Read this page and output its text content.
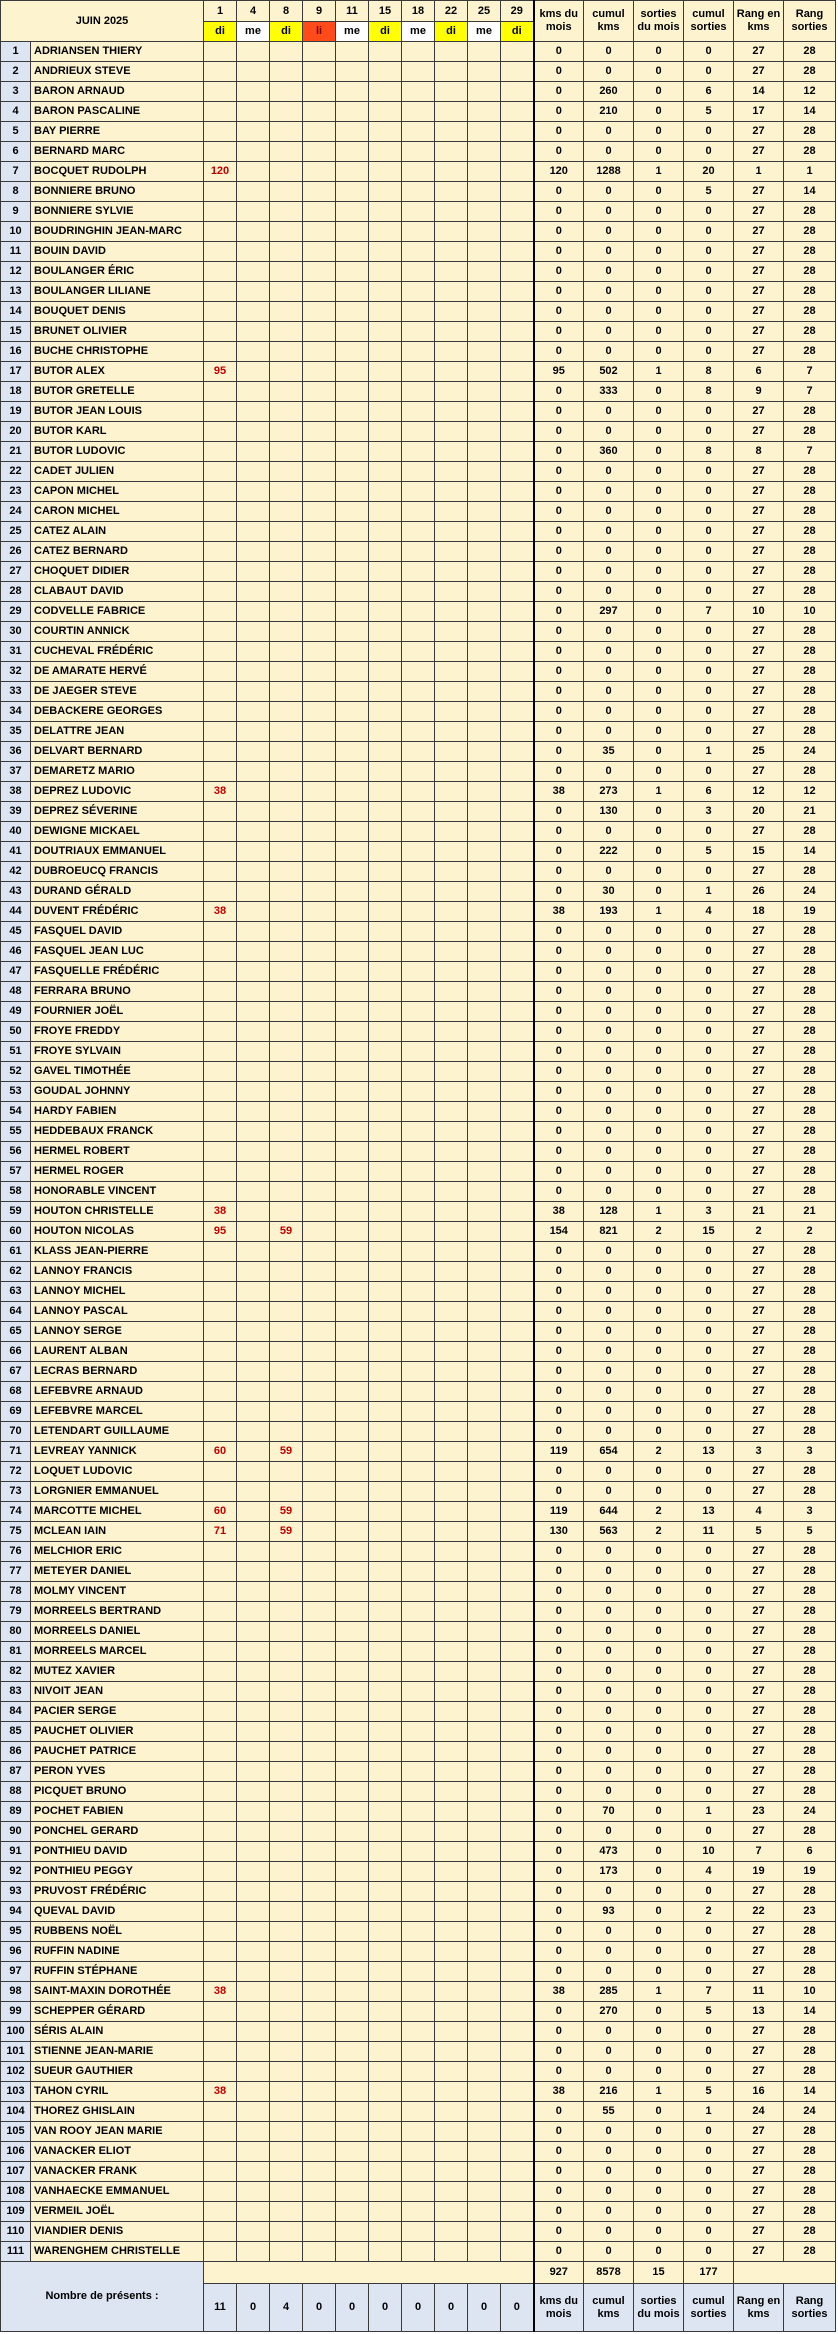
JUIN 2025		1	4	8	9	11	15	18	22	25	29	kms du mois	cumul kms	sorties du mois	cumul sorties	Rang en kms	Rang sorties
		di	me	di	li	me	di	me	di	me	di						
1	ADRIANSEN THIERY											0	0	0	0	27	28
2	ANDRIEUX STEVE											0	0	0	0	27	28
3	BARON ARNAUD											0	260	0	6	14	12
4	BARON PASCALINE											0	210	0	5	17	14
5	BAY PIERRE											0	0	0	0	27	28
6	BERNARD MARC											0	0	0	0	27	28
7	BOCQUET RUDOLPH	120										120	1288	1	20	1	1
8	BONNIERE BRUNO											0	0	0	5	27	14
9	BONNIERE SYLVIE											0	0	0	0	27	28
10	BOUDRINGHIN JEAN-MARC											0	0	0	0	27	28
11	BOUIN DAVID											0	0	0	0	27	28
12	BOULANGER ÉRIC											0	0	0	0	27	28
13	BOULANGER LILIANE											0	0	0	0	27	28
14	BOUQUET DENIS											0	0	0	0	27	28
15	BRUNET OLIVIER											0	0	0	0	27	28
16	BUCHE CHRISTOPHE											0	0	0	0	27	28
17	BUTOR ALEX	95										95	502	1	8	6	7
18	BUTOR GRETELLE											0	333	0	8	9	7
19	BUTOR JEAN LOUIS											0	0	0	0	27	28
20	BUTOR KARL											0	0	0	0	27	28
21	BUTOR LUDOVIC											0	360	0	8	8	7
22	CADET JULIEN											0	0	0	0	27	28
23	CAPON MICHEL											0	0	0	0	27	28
24	CARON MICHEL											0	0	0	0	27	28
25	CATEZ ALAIN											0	0	0	0	27	28
26	CATEZ BERNARD											0	0	0	0	27	28
27	CHOQUET DIDIER											0	0	0	0	27	28
28	CLABAUT DAVID											0	0	0	0	27	28
29	CODVELLE FABRICE											0	297	0	7	10	10
30	COURTIN ANNICK											0	0	0	0	27	28
31	CUCHEVAL FRÉDÉRIC											0	0	0	0	27	28
32	DE AMARATE HERVÉ											0	0	0	0	27	28
33	DE JAEGER STEVE											0	0	0	0	27	28
34	DEBACKERE GEORGES											0	0	0	0	27	28
35	DELATTRE JEAN											0	0	0	0	27	28
36	DELVART BERNARD											0	35	0	1	25	24
37	DEMARETZ MARIO											0	0	0	0	27	28
38	DEPREZ LUDOVIC	38										38	273	1	6	12	12
39	DEPREZ SÉVERINE											0	130	0	3	20	21
40	DEWIGNE MICKAEL											0	0	0	0	27	28
41	DOUTRIAUX EMMANUEL											0	222	0	5	15	14
42	DUBROEUCQ FRANCIS											0	0	0	0	27	28
43	DURAND GÉRALD											0	30	0	1	26	24
44	DUVENT FRÉDÉRIC	38										38	193	1	4	18	19
45	FASQUEL DAVID											0	0	0	0	27	28
46	FASQUEL JEAN LUC											0	0	0	0	27	28
47	FASQUELLE FRÉDÉRIC											0	0	0	0	27	28
48	FERRARA BRUNO											0	0	0	0	27	28
49	FOURNIER JOËL											0	0	0	0	27	28
50	FROYE FREDDY											0	0	0	0	27	28
51	FROYE SYLVAIN											0	0	0	0	27	28
52	GAVEL TIMOTHÉE											0	0	0	0	27	28
53	GOUDAL JOHNNY											0	0	0	0	27	28
54	HARDY FABIEN											0	0	0	0	27	28
55	HEDDEBAUX FRANCK											0	0	0	0	27	28
56	HERMEL ROBERT											0	0	0	0	27	28
57	HERMEL ROGER											0	0	0	0	27	28
58	HONORABLE VINCENT											0	0	0	0	27	28
59	HOUTON CHRISTELLE	38										38	128	1	3	21	21
60	HOUTON NICOLAS	95		59								154	821	2	15	2	2
61	KLASS JEAN-PIERRE											0	0	0	0	27	28
62	LANNOY FRANCIS											0	0	0	0	27	28
63	LANNOY MICHEL											0	0	0	0	27	28
64	LANNOY PASCAL											0	0	0	0	27	28
65	LANNOY SERGE											0	0	0	0	27	28
66	LAURENT ALBAN											0	0	0	0	27	28
67	LECRAS BERNARD											0	0	0	0	27	28
68	LEFEBVRE ARNAUD											0	0	0	0	27	28
69	LEFEBVRE MARCEL											0	0	0	0	27	28
70	LETENDART GUILLAUME											0	0	0	0	27	28
71	LEVREAY YANNICK	60		59								119	654	2	13	3	3
72	LOQUET LUDOVIC											0	0	0	0	27	28
73	LORGNIER EMMANUEL											0	0	0	0	27	28
74	MARCOTTE MICHEL	60		59								119	644	2	13	4	3
75	MCLEAN IAIN	71		59								130	563	2	11	5	5
76	MELCHIOR ERIC											0	0	0	0	27	28
77	METEYER DANIEL											0	0	0	0	27	28
78	MOLMY VINCENT											0	0	0	0	27	28
79	MORREELS BERTRAND											0	0	0	0	27	28
80	MORREELS DANIEL											0	0	0	0	27	28
81	MORREELS MARCEL											0	0	0	0	27	28
82	MUTEZ XAVIER											0	0	0	0	27	28
83	NIVOIT JEAN											0	0	0	0	27	28
84	PACIER SERGE											0	0	0	0	27	28
85	PAUCHET OLIVIER											0	0	0	0	27	28
86	PAUCHET PATRICE											0	0	0	0	27	28
87	PERON YVES											0	0	0	0	27	28
88	PICQUET BRUNO											0	0	0	0	27	28
89	POCHET FABIEN											0	70	0	1	23	24
90	PONCHEL GERARD											0	0	0	0	27	28
91	PONTHIEU DAVID											0	473	0	10	7	6
92	PONTHIEU PEGGY											0	173	0	4	19	19
93	PRUVOST FRÉDÉRIC											0	0	0	0	27	28
94	QUEVAL DAVID											0	93	0	2	22	23
95	RUBBENS NOËL											0	0	0	0	27	28
96	RUFFIN NADINE											0	0	0	0	27	28
97	RUFFIN STÉPHANE											0	0	0	0	27	28
98	SAINT-MAXIN DOROTHÉE	38										38	285	1	7	11	10
99	SCHEPPER GÉRARD											0	270	0	5	13	14
100	SÉRIS ALAIN											0	0	0	0	27	28
101	STIENNE JEAN-MARIE											0	0	0	0	27	28
102	SUEUR GAUTHIER											0	0	0	0	27	28
103	TAHON CYRIL	38										38	216	1	5	16	14
104	THOREZ GHISLAIN											0	55	0	1	24	24
105	VAN ROOY JEAN MARIE											0	0	0	0	27	28
106	VANACKER ELIOT											0	0	0	0	27	28
107	VANACKER FRANK											0	0	0	0	27	28
108	VANHAECKE EMMANUEL											0	0	0	0	27	28
109	VERMEIL JOËL											0	0	0	0	27	28
110	VIANDIER DENIS											0	0	0	0	27	28
111	WARENGHEM CHRISTELLE											0	0	0	0	27	28
Nombre de présents :												927	8578	15	177		
		11	0	4	0	0	0	0	0	0	0	kms du mois	cumul kms	sorties du mois	cumul sorties	Rang en kms	Rang sorties
